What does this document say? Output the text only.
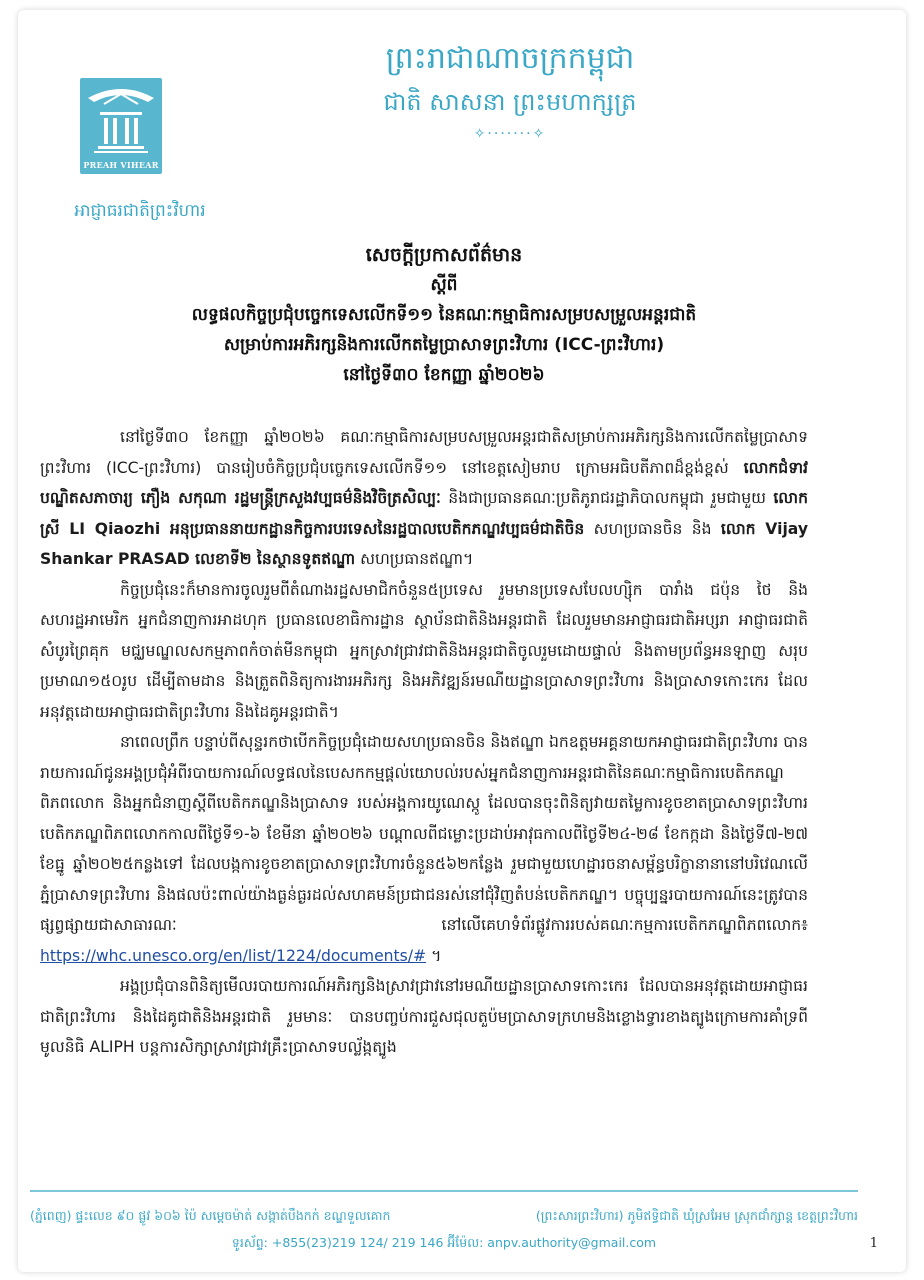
ព្រះរាជាណាចក្រកម្ពុជា
ជាតិ សាសនា ព្រះមហាក្សត្រ
✧·······✧
PREAH VIHEAR
អាជ្ញាធរជាតិព្រះវិហារ
សេចក្តីប្រកាសព័ត៌មាន
ស្តីពី
លទ្ធផលកិច្ចប្រជុំបច្ចេកទេសលើកទី១១ នៃគណៈកម្មាធិការសម្របសម្រួលអន្តរជាតិ
សម្រាប់ការអភិរក្សនិងការលើកតម្លៃប្រាសាទព្រះវិហារ (ICC-ព្រះវិហារ)
នៅថ្ងៃទី៣០ ខែកញ្ញា ឆ្នាំ២០២៦

នៅថ្ងៃទី៣០ ខែកញ្ញា ឆ្នាំ២០២៦ គណៈកម្មាធិការសម្របសម្រួលអន្តរជាតិសម្រាប់ការអភិរក្សនិងការលើកតម្លៃប្រាសាទព្រះវិហារ (ICC-ព្រះវិហារ) បានរៀបចំកិច្ចប្រជុំបច្ចេកទេសលើកទី១១ នៅខេត្តសៀមរាប ក្រោមអធិបតីភាពដ៏ខ្ពង់ខ្ពស់ លោកជំទាវបណ្ឌិតសភាចារ្យ ភឿង សកុណា រដ្ឋមន្ត្រីក្រសួងវប្បធម៌និងវិចិត្រសិល្បៈ និងជាប្រធានគណៈប្រតិភូរាជរដ្ឋាភិបាលកម្ពុជា រួមជាមួយ លោកស្រី LI Qiaozhi អនុប្រធាននាយកដ្ឋានកិច្ចការបរទេសនៃរដ្ឋបាលបេតិកភណ្ឌវប្បធម៌ជាតិចិន សហប្រធានចិន និង លោក Vijay Shankar PRASAD លេខាទី២ នៃស្ថានទូតឥណ្ឌា សហប្រធានឥណ្ឌា។

កិច្ចប្រជុំនេះក៏មានការចូលរួមពីតំណាងរដ្ឋសមាជិកចំនួន៥ប្រទេស រួមមានប្រទេសបែលហ្ស៊ិក បារាំង ជប៉ុន ថៃ និងសហរដ្ឋអាមេរិក អ្នកជំនាញការអាដហុក ប្រធានលេខាធិការដ្ឋាន ស្ថាប័នជាតិនិងអន្តរជាតិ ដែលរួមមានអាជ្ញាធរជាតិអប្សរា អាជ្ញាធរជាតិសំបូរព្រៃគុក មជ្ឈមណ្ឌលសកម្មភាពកំចាត់មីនកម្ពុជា អ្នកស្រាវជ្រាវជាតិនិងអន្តរជាតិចូលរួមដោយផ្ទាល់ និងតាមប្រព័ន្ធអនឡាញ សរុបប្រមាណ១៥០រូប ដើម្បីតាមដាន និងត្រួតពិនិត្យការងារអភិរក្ស និងអភិវឌ្ឍន៍រមណីយដ្ឋានប្រាសាទព្រះវិហារ និងប្រាសាទកោះកេរ ដែលអនុវត្តដោយអាជ្ញាធរជាតិព្រះវិហារ និងដៃគូអន្តរជាតិ។

នាពេលព្រឹក បន្ទាប់ពីសុន្ទរកថាបើកកិច្ចប្រជុំដោយសហប្រធានចិន និងឥណ្ឌា ឯកឧត្តមអគ្គនាយកអាជ្ញាធរជាតិព្រះវិហារ បានរាយការណ៍ជូនអង្គប្រជុំអំពីរបាយការណ៍លទ្ធផលនៃបេសកកម្មផ្តល់យោបល់របស់អ្នកជំនាញការអន្តរជាតិនៃគណៈកម្មាធិការបេតិកភណ្ឌពិភពលោក និងអ្នកជំនាញស្តីពីបេតិកភណ្ឌនិងប្រាសាទ របស់អង្គការយូណេស្កូ ដែលបានចុះពិនិត្យវាយតម្លៃការខូចខាតប្រាសាទព្រះវិហារបេតិកភណ្ឌពិភពលោកកាលពីថ្ងៃទី១-៦ ខែមីនា ឆ្នាំ២០២៦ បណ្តាលពីជម្លោះប្រដាប់អាវុធកាលពីថ្ងៃទី២៤-២៨ ខែកក្កដា និងថ្ងៃទី៧-២៧ ខែធ្នូ ឆ្នាំ២០២៥កន្លងទៅ ដែលបង្កការខូចខាតប្រាសាទព្រះវិហារចំនួន៥៦២កន្លែង រួមជាមួយហេដ្ឋារចនាសម្ព័ន្ធបរិក្ខានានានៅបរិវេណលើភ្នំប្រាសាទព្រះវិហារ និងផលប៉ះពាល់យ៉ាងធ្ងន់ធ្ងរដល់សហគមន៍ប្រជាជនរស់នៅជុំវិញតំបន់បេតិកភណ្ឌ។ បច្ចុប្បន្នរបាយការណ៍នេះត្រូវបានផ្សព្វផ្សាយជាសាធារណៈ នៅលើគេហទំព័រផ្លូវការរបស់គណៈកម្មការបេតិកភណ្ឌពិភពលោក៖ https://whc.unesco.org/en/list/1224/documents/# ។

អង្គប្រជុំបានពិនិត្យមើលរបាយការណ៍អភិរក្សនិងស្រាវជ្រាវនៅរមណីយដ្ឋានប្រាសាទកោះកេរ ដែលបានអនុវត្តដោយអាជ្ញាធរជាតិព្រះវិហារ និងដៃគូជាតិនិងអន្តរជាតិ រួមមានៈ បានបញ្ចប់ការជួសជុលតួប៉មប្រាសាទក្រហមនិងខ្លោងទ្វារខាងត្បូងក្រោមការគាំទ្រពីមូលនិធិ ALIPH បន្តការសិក្សាស្រាវជ្រាវគ្រឹះប្រាសាទបល្ល័ង្កត្បូង

(ភ្នំពេញ) ផ្ទះលេខ ៩០ ផ្លូវ ៦០៦ ប៉ៃ សម្តេចម៉ាត់ សង្កាត់បឹងកក់ ខណ្ឌទួលគោក	(ព្រះសារព្រះវិហារ) ភូមិឥទ្ធិជាតិ ឃុំស្រអែម ស្រុកជាំក្សាន្ត ខេត្តព្រះវិហារ
ទូរស័ព្ទ: +855(23)219 124/ 219 146 អ៊ីម៉ែល: anpv.authority@gmail.com	1
